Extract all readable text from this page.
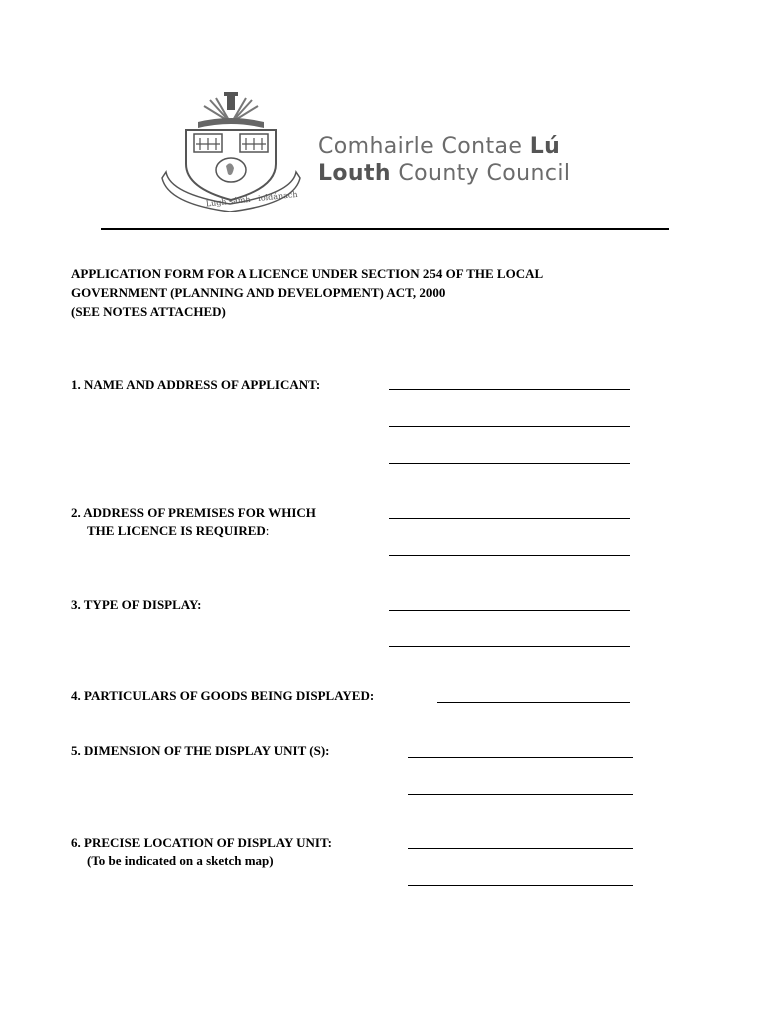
Lugh sámh - ioldánach
Comhairle Contae Lú
Louth County Council
APPLICATION FORM FOR A LICENCE UNDER SECTION 254 OF THE LOCAL
GOVERNMENT (PLANNING AND DEVELOPMENT) ACT, 2000
(SEE NOTES ATTACHED)
1. NAME AND ADDRESS OF APPLICANT:
2. ADDRESS OF PREMISES FOR WHICH
THE LICENCE IS REQUIRED:
3. TYPE OF DISPLAY:
4. PARTICULARS OF GOODS BEING DISPLAYED:
5. DIMENSION OF THE DISPLAY UNIT (S):
6. PRECISE LOCATION OF DISPLAY UNIT:
(To be indicated on a sketch map)
